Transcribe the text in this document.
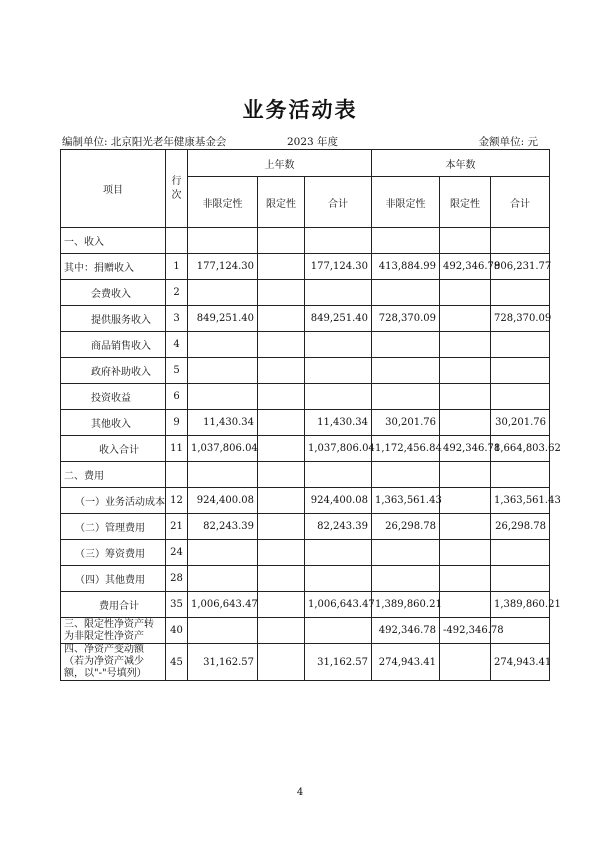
业务活动表
编制单位: 北京阳光老年健康基金会	2023 年度	金额单位: 元
项目	行
次	上年数			本年数		
		非限定性	限定性	合计	非限定性	限定性	合计
一、收入							
其中：捐赠收入	1	177,124.30		177,124.30	413,884.99	492,346.78	906,231.77
会费收入	2						
提供服务收入	3	849,251.40		849,251.40	728,370.09		728,370.09
商品销售收入	4						
政府补助收入	5						
投资收益	6						
其他收入	9	11,430.34		11,430.34	30,201.76		30,201.76
收入合计	11	1,037,806.04		1,037,806.04	1,172,456.84	492,346.78	1,664,803.62
二、费用							
（一）业务活动成本	12	924,400.08		924,400.08	1,363,561.43		1,363,561.43
（二）管理费用	21	82,243.39		82,243.39	26,298.78		26,298.78
（三）筹资费用	24						
（四）其他费用	28						
费用合计	35	1,006,643.47		1,006,643.47	1,389,860.21		1,389,860.21
三、限定性净资产转为非限定性净资产	40				492,346.78	-492,346.78	
四、净资产变动额（若为净资产减少额，以"-"号填列）	45	31,162.57		31,162.57	274,943.41		274,943.41
4
